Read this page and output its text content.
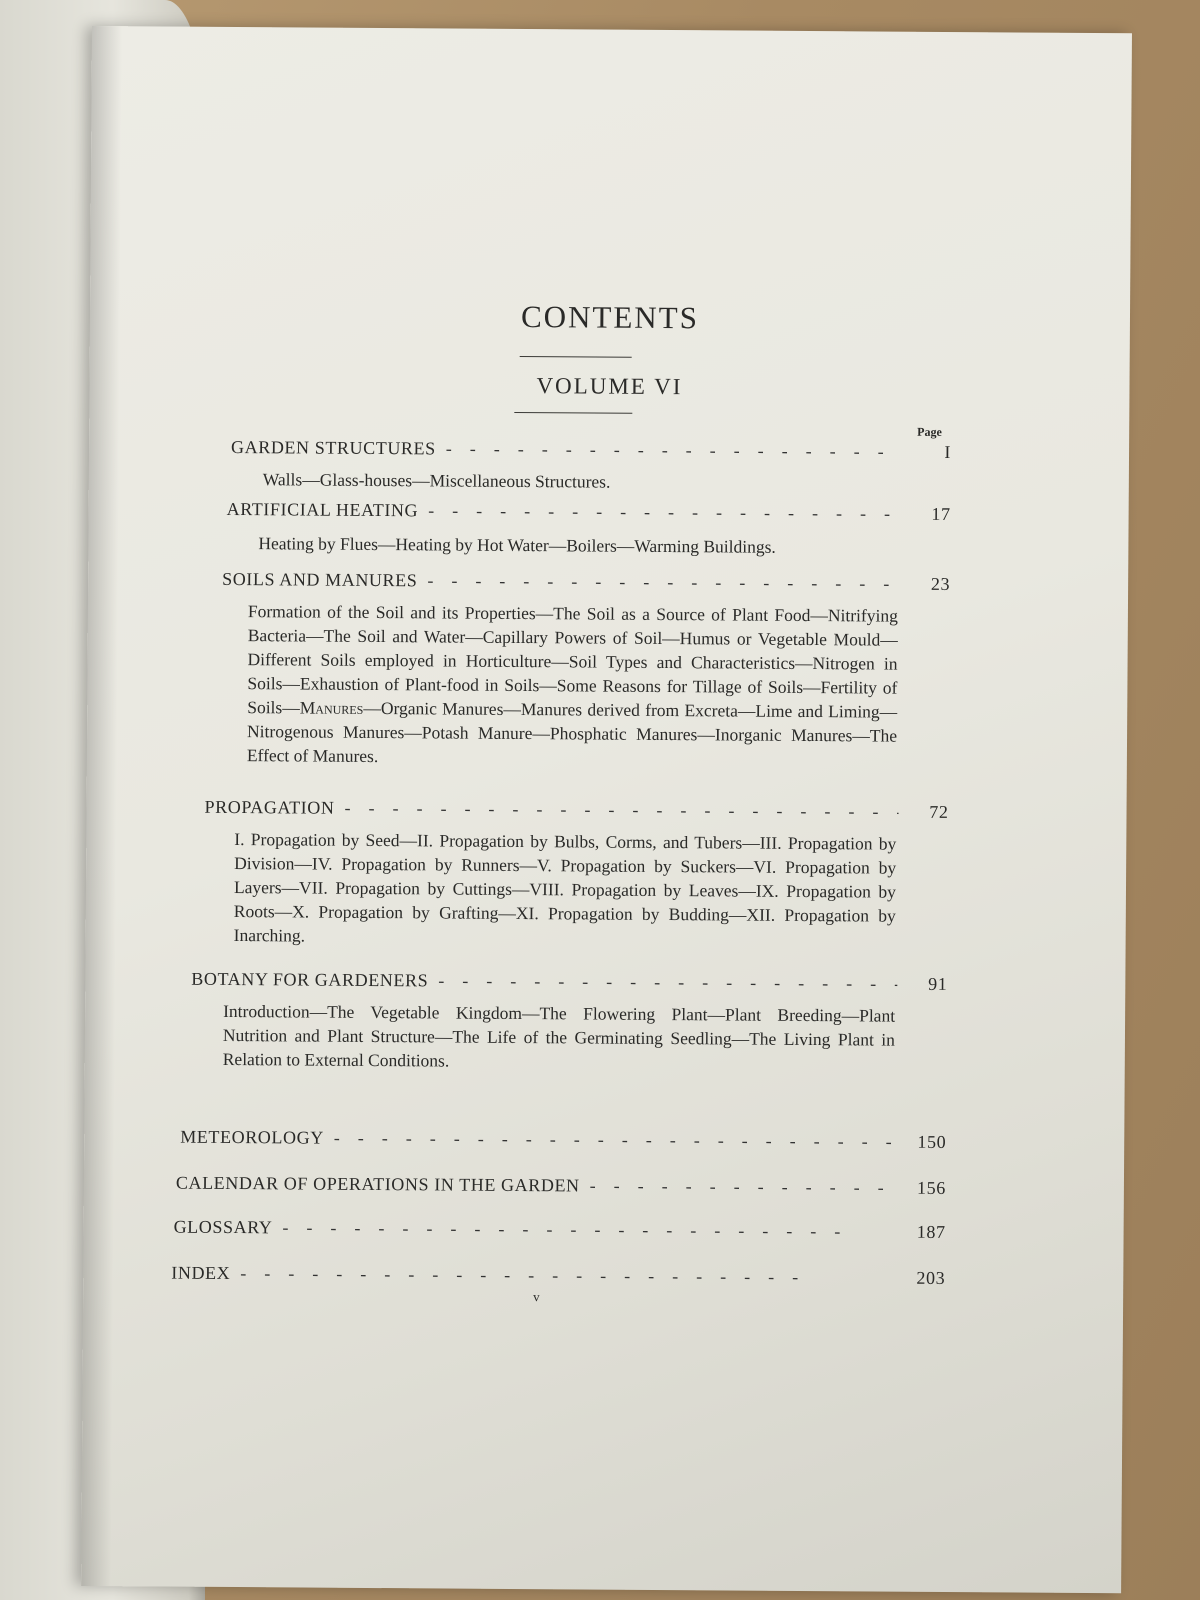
CONTENTS
VOLUME VI
Page
GARDEN STRUCTURES -	I
Walls—Glass-houses—Miscellaneous Structures.
ARTIFICIAL HEATING -	17
Heating by Flues—Heating by Hot Water—Boilers—Warming Buildings.
SOILS AND MANURES -	23
Formation of the Soil and its Properties—The Soil as a Source of Plant Food—Nitrifying Bacteria—The Soil and Water—Capillary Powers of Soil—Humus or Vegetable Mould—Different Soils employed in Horticulture—Soil Types and Characteristics—Nitrogen in Soils—Exhaustion of Plant-food in Soils—Some Reasons for Tillage of Soils—Fertility of Soils—Manures—Organic Manures—Manures derived from Excreta—Lime and Liming—Nitrogenous Manures—Potash Manure—Phosphatic Manures—Inorganic Manures—The Effect of Manures.
PROPAGATION -	72
I. Propagation by Seed—II. Propagation by Bulbs, Corms, and Tubers—III. Propagation by Division—IV. Propagation by Runners—V. Propagation by Suckers—VI. Propagation by Layers—VII. Propagation by Cuttings—VIII. Propagation by Leaves—IX. Propagation by Roots—X. Propagation by Grafting—XI. Propagation by Budding—XII. Propagation by Inarching.
BOTANY FOR GARDENERS -	91
Introduction—The Vegetable Kingdom—The Flowering Plant—Plant Breeding—Plant Nutrition and Plant Structure—The Life of the Germinating Seedling—The Living Plant in Relation to External Conditions.
METEOROLOGY -	150
CALENDAR OF OPERATIONS IN THE GARDEN -	156
GLOSSARY -	187
INDEX -	203
v
